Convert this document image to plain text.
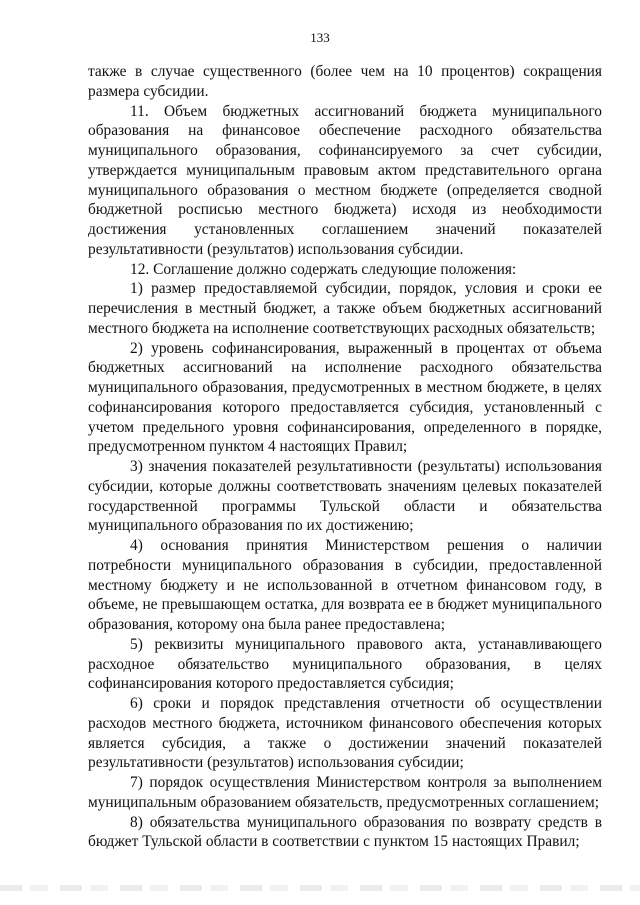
133

также в случае существенного (более чем на 10 процентов) сокращения размера субсидии.

11. Объем бюджетных ассигнований бюджета муниципального образования на финансовое обеспечение расходного обязательства муниципального образования, софинансируемого за счет субсидии, утверждается муниципальным правовым актом представительного органа муниципального образования о местном бюджете (определяется сводной бюджетной росписью местного бюджета) исходя из необходимости достижения установленных соглашением значений показателей результативности (результатов) использования субсидии.

12. Соглашение должно содержать следующие положения:

1) размер предоставляемой субсидии, порядок, условия и сроки ее перечисления в местный бюджет, а также объем бюджетных ассигнований местного бюджета на исполнение соответствующих расходных обязательств;

2) уровень софинансирования, выраженный в процентах от объема бюджетных ассигнований на исполнение расходного обязательства муниципального образования, предусмотренных в местном бюджете, в целях софинансирования которого предоставляется субсидия, установленный с учетом предельного уровня софинансирования, определенного в порядке, предусмотренном пунктом 4 настоящих Правил;

3) значения показателей результативности (результаты) использования субсидии, которые должны соответствовать значениям целевых показателей государственной программы Тульской области и обязательства муниципального образования по их достижению;

4) основания принятия Министерством решения о наличии потребности муниципального образования в субсидии, предоставленной местному бюджету и не использованной в отчетном финансовом году, в объеме, не превышающем остатка, для возврата ее в бюджет муниципального образования, которому она была ранее предоставлена;

5) реквизиты муниципального правового акта, устанавливающего расходное обязательство муниципального образования, в целях софинансирования которого предоставляется субсидия;

6) сроки и порядок представления отчетности об осуществлении расходов местного бюджета, источником финансового обеспечения которых является субсидия, а также о достижении значений показателей результативности (результатов) использования субсидии;

7) порядок осуществления Министерством контроля за выполнением муниципальным образованием обязательств, предусмотренных соглашением;

8) обязательства муниципального образования по возврату средств в бюджет Тульской области в соответствии с пунктом 15 настоящих Правил;
